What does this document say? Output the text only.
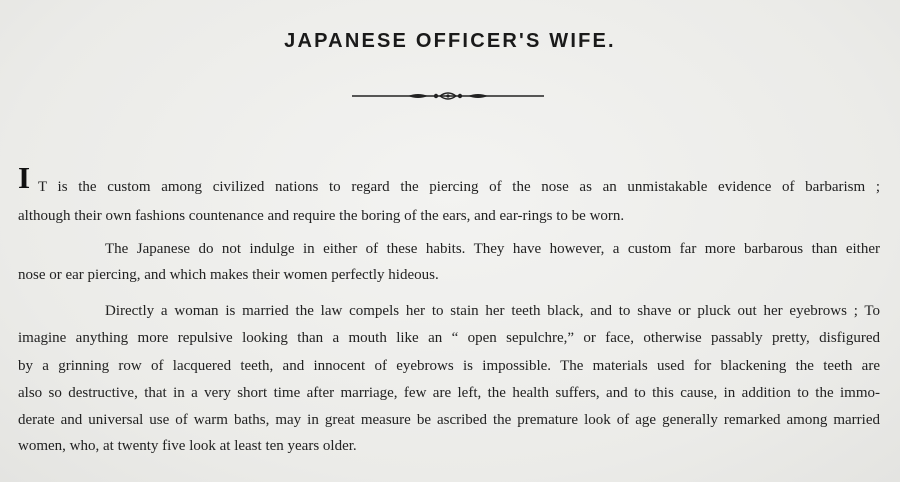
JAPANESE OFFICER'S WIFE.
I T is the custom among civilized nations to regard the piercing of the nose as an unmistakable evidence of barbarism ;
although their own fashions countenance and require the boring of the ears, and ear-rings to be worn.
The Japanese do not indulge in either of these habits. They have however, a custom far more barbarous than either
nose or ear piercing, and which makes their women perfectly hideous.
Directly a woman is married the law compels her to stain her teeth black, and to shave or pluck out her eyebrows ; To
imagine anything more repulsive looking than a mouth like an “ open sepulchre,” or face, otherwise passably pretty, disfigured
by a grinning row of lacquered teeth, and innocent of eyebrows is impossible. The materials used for blackening the teeth are
also so destructive, that in a very short time after marriage, few are left, the health suffers, and to this cause, in addition to the immo-
derate and universal use of warm baths, may in great measure be ascribed the premature look of age generally remarked among married
women, who, at twenty five look at least ten years older.
